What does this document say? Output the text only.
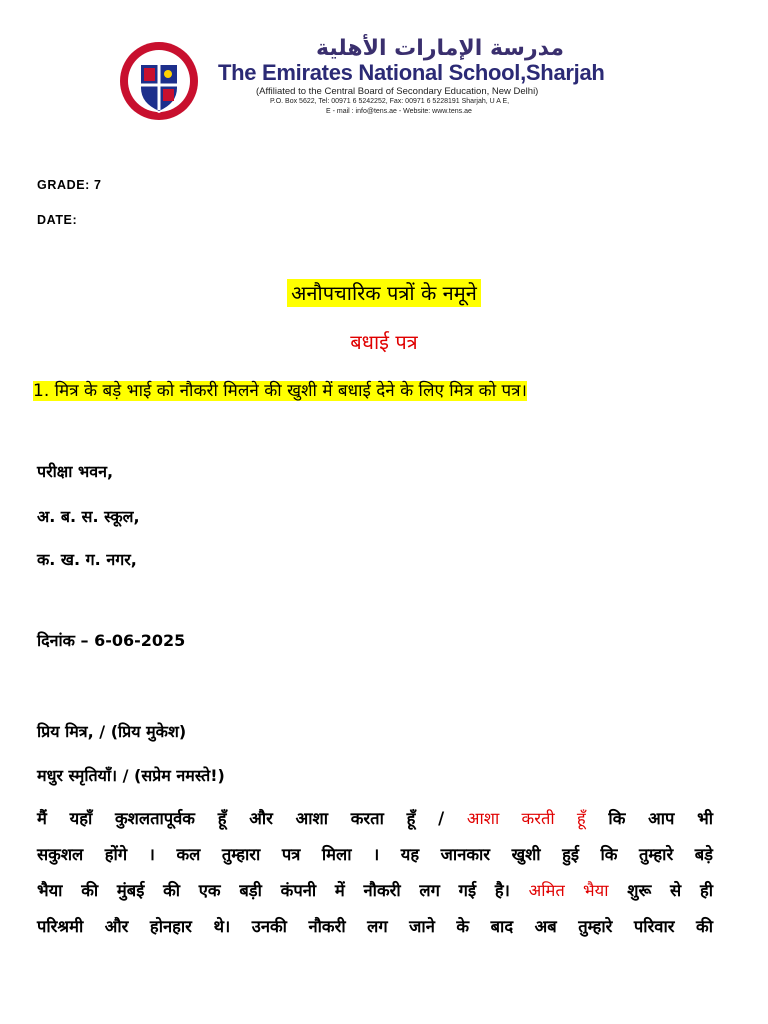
مدرسة الإمارات الأهلية
The Emirates National School,Sharjah
(Affiliated to the Central Board of Secondary Education, New Delhi)
P.O. Box 5622, Tel: 00971 6 5242252, Fax: 00971 6 5228191 Sharjah, U A E,
E - mail : info@tens.ae - Website: www.tens.ae
GRADE: 7
DATE:
अनौपचारिक पत्रों के नमूने
बधाई पत्र
1. मित्र के बड़े भाई को नौकरी मिलने की खुशी में बधाई देने के लिए मित्र को पत्र।
परीक्षा भवन,
अ. ब. स. स्कूल,
क. ख. ग. नगर,
दिनांक – 6-06-2025
प्रिय मित्र, / (प्रिय मुकेश)
मधुर स्मृतियाँ। / (सप्रेम नमस्ते!)
मैं यहाँ कुशलतापूर्वक हूँ और आशा करता हूँ / आशा करती हूँ कि आप भी
सकुशल होंगे । कल तुम्हारा पत्र मिला । यह जानकार खुशी हुई कि तुम्हारे बड़े
भैया की मुंबई की एक बड़ी कंपनी में नौकरी लग गई है। अमित भैया शुरू से ही
परिश्रमी और होनहार थे। उनकी नौकरी लग जाने के बाद अब तुम्हारे परिवार की
